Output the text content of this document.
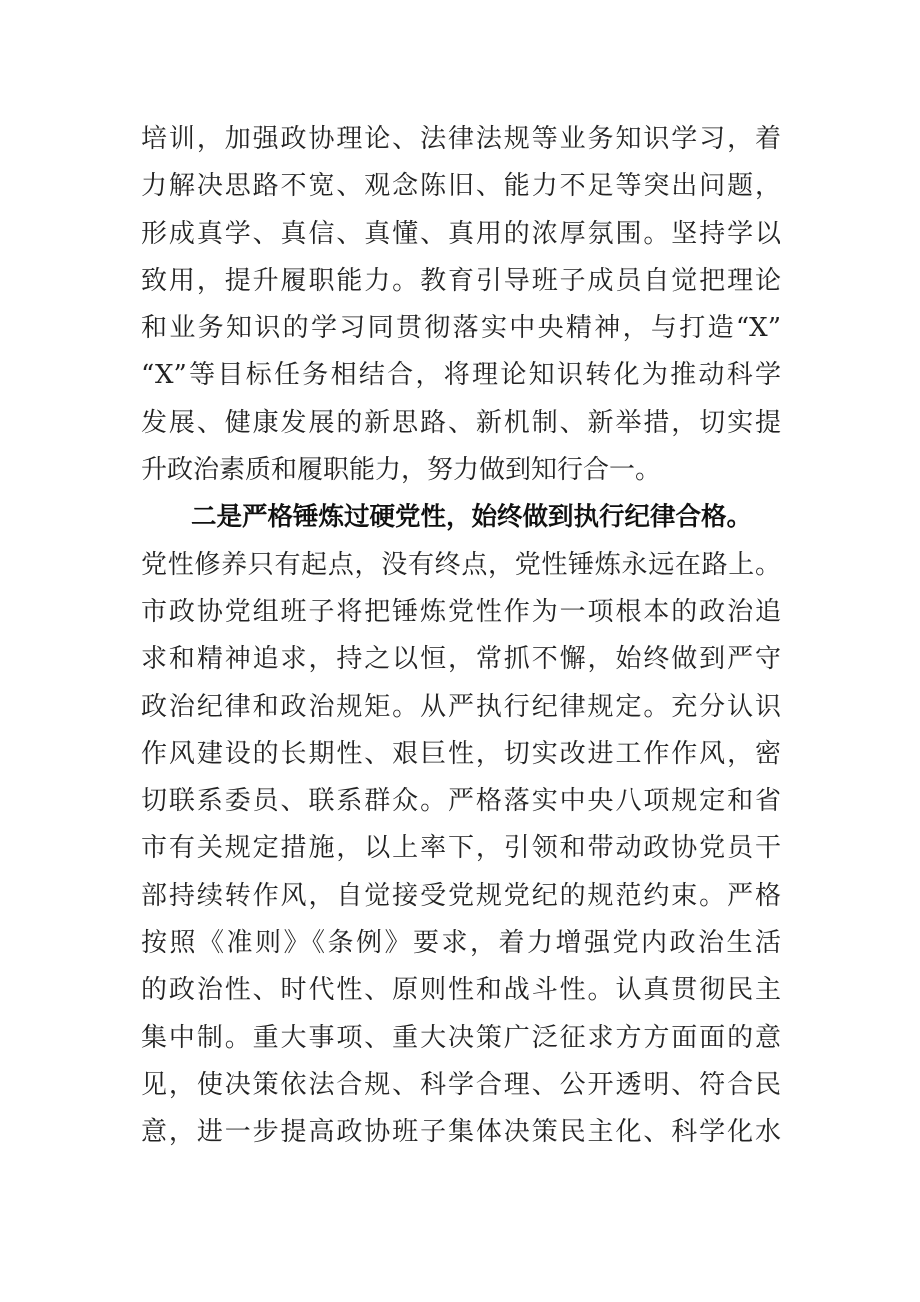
培训，加强政协理论、法律法规等业务知识学习，着
力解决思路不宽、观念陈旧、能力不足等突出问题，
形成真学、真信、真懂、真用的浓厚氛围。坚持学以
致用，提升履职能力。教育引导班子成员自觉把理论
和业务知识的学习同贯彻落实中央精神，与打造“X”
“X”等目标任务相结合，将理论知识转化为推动科学
发展、健康发展的新思路、新机制、新举措，切实提
升政治素质和履职能力，努力做到知行合一。
二是严格锤炼过硬党性，始终做到执行纪律合格。
党性修养只有起点，没有终点，党性锤炼永远在路上。
市政协党组班子将把锤炼党性作为一项根本的政治追
求和精神追求，持之以恒，常抓不懈，始终做到严守
政治纪律和政治规矩。从严执行纪律规定。充分认识
作风建设的长期性、艰巨性，切实改进工作作风，密
切联系委员、联系群众。严格落实中央八项规定和省
市有关规定措施，以上率下，引领和带动政协党员干
部持续转作风，自觉接受党规党纪的规范约束。严格
按照《准则》《条例》要求，着力增强党内政治生活
的政治性、时代性、原则性和战斗性。认真贯彻民主
集中制。重大事项、重大决策广泛征求方方面面的意
见，使决策依法合规、科学合理、公开透明、符合民
意，进一步提高政协班子集体决策民主化、科学化水
